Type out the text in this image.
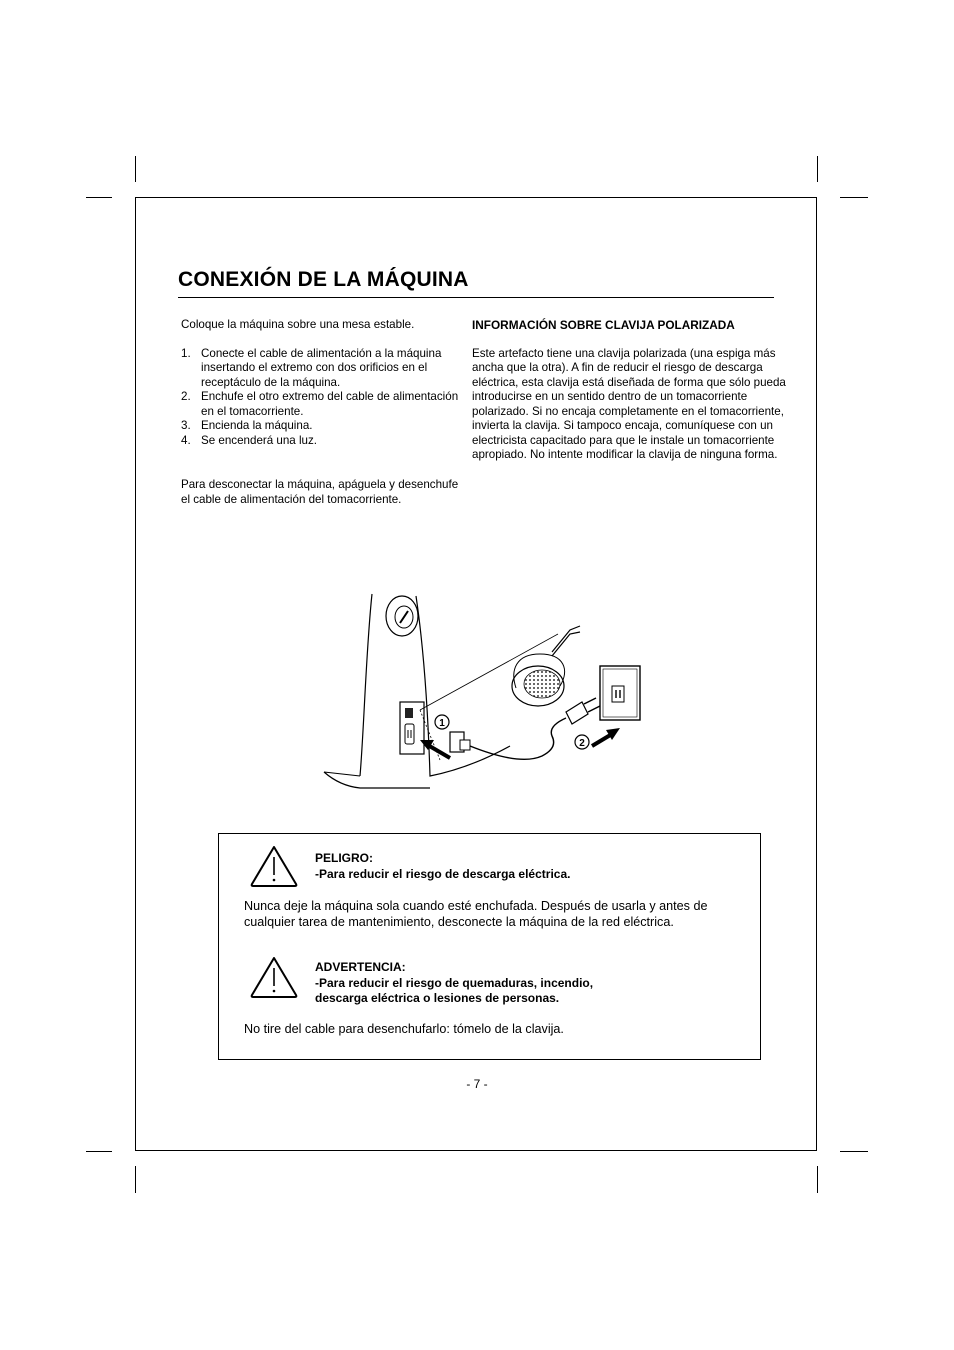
CONEXIÓN DE LA MÁQUINA

Coloque la máquina sobre una mesa estable.

1. Conecte el cable de alimentación a la máquina insertando el extremo con dos orificios en el receptáculo de la máquina.
2. Enchufe el otro extremo del cable de alimentación en el tomacorriente.
3. Encienda la máquina.
4. Se encenderá una luz.

Para desconectar la máquina, apáguela y desenchufe el cable de alimentación del tomacorriente.

INFORMACIÓN SOBRE CLAVIJA POLARIZADA

Este artefacto tiene una clavija polarizada (una espiga más ancha que la otra). A fin de reducir el riesgo de descarga eléctrica, esta clavija está diseñada de forma que sólo pueda introducirse en un sentido dentro de un tomacorriente polarizado. Si no encaja completamente en el tomacorriente, invierta la clavija. Si tampoco encaja, comuníquese con un electricista capacitado para que le instale un tomacorriente apropiado. No intente modificar la clavija de ninguna forma.

1
2
PELIGRO:
-Para reducir el riesgo de descarga eléctrica.
Nunca deje la máquina sola cuando esté enchufada. Después de usarla y antes de cualquier tarea de mantenimiento, desconecte la máquina de la red eléctrica.
ADVERTENCIA:
-Para reducir el riesgo de quemaduras, incendio,
descarga eléctrica o lesiones de personas.
No tire del cable para desenchufarlo: tómelo de la clavija.
- 7 -
